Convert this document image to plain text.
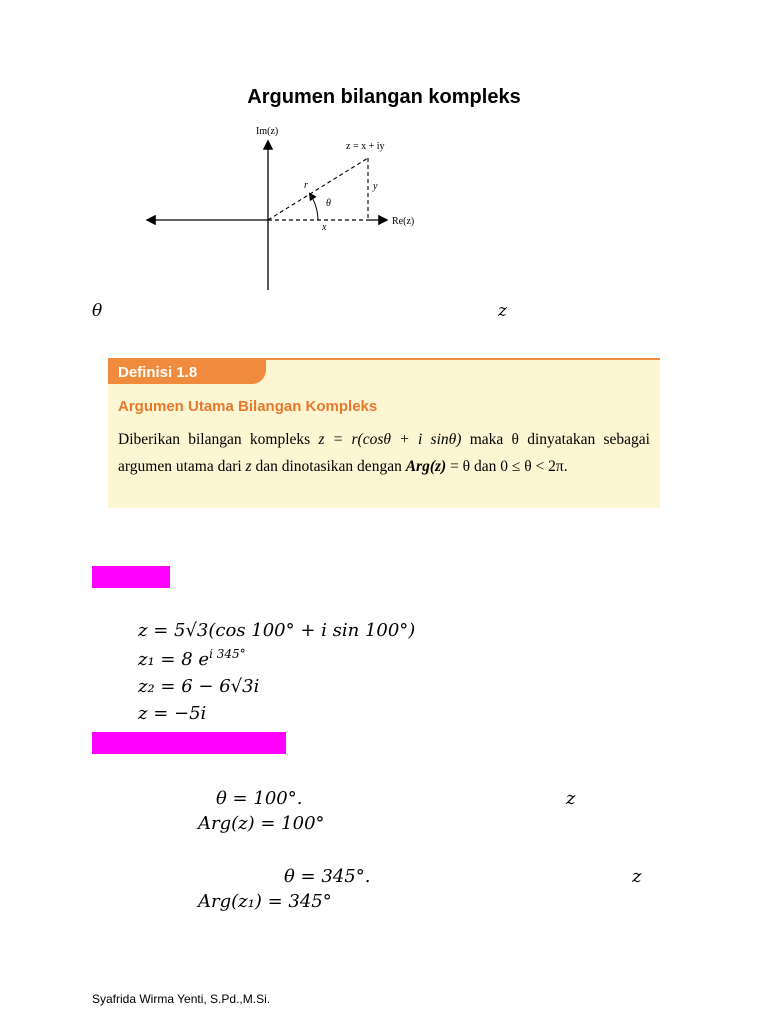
Argumen bilangan kompleks
Im(z)
z = x + iy
Re(z)
r
θ
x
y
θ	z
Definisi 1.8
Argumen Utama Bilangan Kompleks
Diberikan bilangan kompleks z = r(cosθ + i sinθ) maka θ dinyatakan sebagai argumen utama dari z dan dinotasikan dengan Arg(z) = θ dan 0 ≤ θ < 2π.
z = 5√3(cos 100° + i sin 100°)
z₁ = 8 $e^{i 345^\circ}$
z₂ = 6 − 6√3i
z = −5i
θ = 100°.	z
Arg(z) = 100°
θ = 345°.	z
Arg(z₁) = 345°
Syafrida Wirma Yenti, S.Pd.,M.Si.
